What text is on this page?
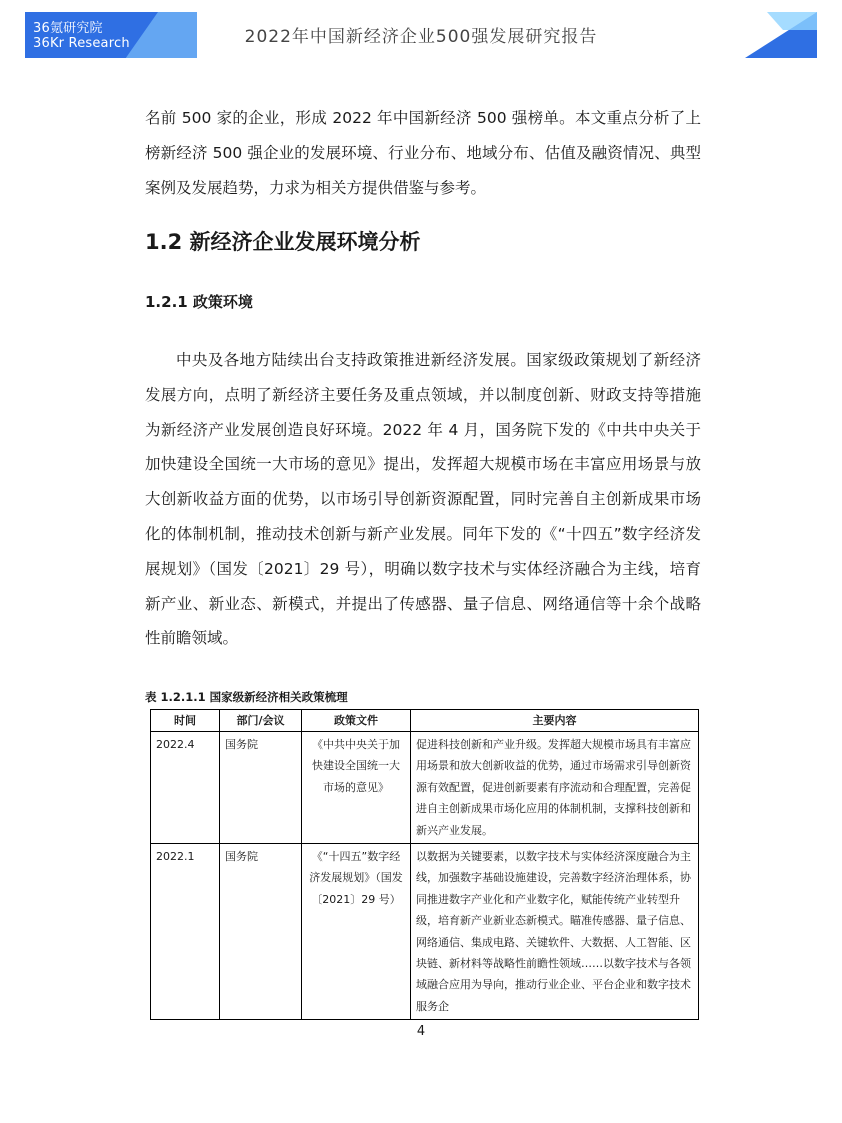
36氪研究院
36Kr Research	2022年中国新经济企业500强发展研究报告
名前 500 家的企业，形成 2022 年中国新经济 500 强榜单。本文重点分析了上榜新经济 500 强企业的发展环境、行业分布、地域分布、估值及融资情况、典型案例及发展趋势，力求为相关方提供借鉴与参考。
1.2 新经济企业发展环境分析
1.2.1 政策环境
中央及各地方陆续出台支持政策推进新经济发展。国家级政策规划了新经济发展方向，点明了新经济主要任务及重点领域，并以制度创新、财政支持等措施为新经济产业发展创造良好环境。2022 年 4 月，国务院下发的《中共中央关于加快建设全国统一大市场的意见》提出，发挥超大规模市场在丰富应用场景与放大创新收益方面的优势，以市场引导创新资源配置，同时完善自主创新成果市场化的体制机制，推动技术创新与新产业发展。同年下发的《“十四五”数字经济发展规划》（国发〔2021〕29 号），明确以数字技术与实体经济融合为主线，培育新产业、新业态、新模式，并提出了传感器、量子信息、网络通信等十余个战略性前瞻领域。
表 1.2.1.1 国家级新经济相关政策梳理
时间	部门/会议	政策文件	主要内容
2022.4	国务院	《中共中央关于加快建设全国统一大市场的意见》	促进科技创新和产业升级。发挥超大规模市场具有丰富应用场景和放大创新收益的优势，通过市场需求引导创新资源有效配置，促进创新要素有序流动和合理配置，完善促进自主创新成果市场化应用的体制机制，支撑科技创新和新兴产业发展。
2022.1	国务院	《“十四五”数字经济发展规划》（国发〔2021〕29 号）	以数据为关键要素，以数字技术与实体经济深度融合为主线，加强数字基础设施建设，完善数字经济治理体系，协同推进数字产业化和产业数字化，赋能传统产业转型升级，培育新产业新业态新模式。瞄准传感器、量子信息、网络通信、集成电路、关键软件、大数据、人工智能、区块链、新材料等战略性前瞻性领域……以数字技术与各领域融合应用为导向，推动行业企业、平台企业和数字技术服务企
4
